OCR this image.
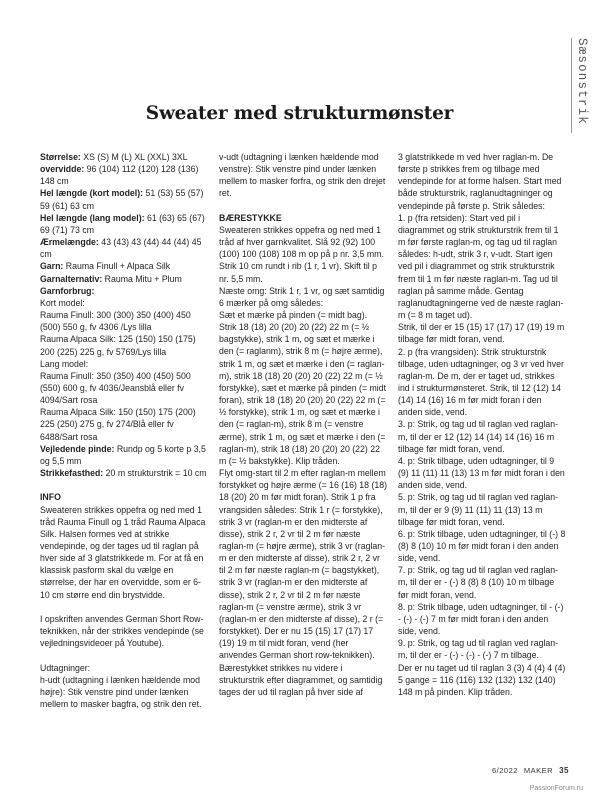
Sæsonstrik
Sweater med strukturmønster
Størrelse: XS (S) M (L) XL (XXL) 3XL
overvidde: 96 (104) 112 (120) 128 (136) 148 cm
Hel længde (kort model): 51 (53) 55 (57) 59 (61) 63 cm
Hel længde (lang model): 61 (63) 65 (67) 69 (71) 73 cm
Ærmelængde: 43 (43) 43 (44) 44 (44) 45 cm
Garn: Rauma Finull + Alpaca Silk
Garnalternativ: Rauma Mitu + Plum
Garnforbrug:
Kort model:
Rauma Finull: 300 (300) 350 (400) 450 (500) 550 g, fv 4306 /Lys lilla
Rauma Alpaca Silk: 125 (150) 150 (175) 200 (225) 225 g, fv 5769/Lys lilla
Lang model:
Rauma Finull: 350 (350) 400 (450) 500 (550) 600 g, fv 4036/Jeansblå eller fv 4094/Sart rosa
Rauma Alpaca Silk: 150 (150) 175 (200) 225 (250) 275 g, fv 274/Blå eller fv 6488/Sart rosa
Vejledende pinde: Rundp og 5 korte p 3,5 og 5,5 mm
Strikkefasthed: 20 m strukturstrik = 10 cm
INFO
Sweateren strikkes oppefra og ned med 1 tråd Rauma Finull og 1 tråd Rauma Alpaca Silk. Halsen formes ved at strikke vendepinde, og der tages ud til raglan på hver side af 3 glatstrikkede m. For at få en klassisk pasform skal du vælge en størrelse, der har en overvidde, som er 6-10 cm større end din brystvidde.
I opskriften anvendes German Short Row-teknikken, når der strikkes vendepinde (se vejledningsvideoer på Youtube).
Udtagninger:
h-udt (udtagning i lænken hældende mod højre): Stik venstre pind under lænken mellem to masker bagfra, og strik den ret.
v-udt (udtagning i lænken hældende mod venstre): Stik venstre pind under lænken mellem to masker forfra, og strik den drejet ret.
BÆRESTYKKE
Sweateren strikkes oppefra og ned med 1 tråd af hver garnkvalitet. Slå 92 (92) 100 (100) 100 (108) 108 m op på p nr. 3,5 mm.
Strik 10 cm rundt i rib (1 r, 1 vr). Skift til p nr. 5,5 mm.
Næste omg: Strik 1 r, 1 vr, og sæt samtidig 6 mærker på omg således:
Sæt et mærke på pinden (= midt bag). Strik 18 (18) 20 (20) 20 (22) 22 m (= ½ bagstykke), strik 1 m, og sæt et mærke i den (= raglanm), strik 8 m (= højre ærme), strik 1 m, og sæt et mærke i den (= raglan-m), strik 18 (18) 20 (20) 20 (22) 22 m (= ½ forstykke), sæt et mærke på pinden (= midt foran), strik 18 (18) 20 (20) 20 (22) 22 m (= ½ forstykke), strik 1 m, og sæt et mærke i den (= raglan-m), strik 8 m (= venstre ærme), strik 1 m, og sæt et mærke i den (= raglan-m), strik 18 (18) 20 (20) 20 (22) 22 m (= ½ bakstykke). Klip tråden.
Flyt omg-start til 2 m efter raglan-m mellem forstykket og højre ærme (= 16 (16) 18 (18) 18 (20) 20 m før midt foran). Strik 1 p fra vrangsiden således: Strik 1 r (= forstykke), strik 3 vr (raglan-m er den midterste af disse), strik 2 r, 2 vr til 2 m før næste raglan-m (= højre ærme), strik 3 vr (raglan-m er den midterste af disse), strik 2 r, 2 vr til 2 m før næste raglan-m (= bagstykket), strik 3 vr (raglan-m er den midterste af disse), strik 2 r, 2 vr til 2 m før næste raglan-m (= venstre ærme), strik 3 vr (raglan-m er den midterste af disse), 2 r (= forstykket). Der er nu 15 (15) 17 (17) 17 (19) 19 m til midt foran, vend (her anvendes German short row-teknikken). Bærestykket strikkes nu videre i strukturstrik efter diagrammet, og samtidig tages der ud til raglan på hver side af
3 glatstrikkede m ved hver raglan-m. De første p strikkes frem og tilbage med vendepinde for at forme halsen. Start med både strukturstrik, raglanudtagninger og vendepinde på første p. Strik således:
1. p (fra retsiden): Start ved pil i diagrammet og strik strukturstrik frem til 1 m før første raglan-m, og tag ud til raglan således: h-udt, strik 3 r, v-udt. Start igen ved pil i diagrammet og strik strukturstrik frem til 1 m før næste raglan-m. Tag ud til raglan på samme måde. Gentag raglanudtagningerne ved de næste raglan-m (= 8 m taget ud).
Strik, til der er 15 (15) 17 (17) 17 (19) 19 m tilbage før midt foran, vend.
2. p (fra vrangsiden): Strik strukturstrik tilbage, uden udtagninger, og 3 vr ved hver raglan-m. De m, der er taget ud, strikkes ind i strukturmønsteret. Strik, til 12 (12) 14 (14) 14 (16) 16 m før midt foran i den anden side, vend.
3. p: Strik, og tag ud til raglan ved raglan-m, til der er 12 (12) 14 (14) 14 (16) 16 m tilbage før midt foran, vend.
4. p: Strik tilbage, uden udtagninger, til 9 (9) 11 (11) 11 (13) 13 m før midt foran i den anden side, vend.
5. p: Strik, og tag ud til raglan ved raglan-m, til der er 9 (9) 11 (11) 11 (13) 13 m tilbage før midt foran, vend.
6. p: Strik tilbage, uden udtagninger, til (-) 8 (8) 8 (10) 10 m før midt foran i den anden side, vend.
7. p: Strik, og tag ud til raglan ved raglan-m, til der er - (-) 8 (8) 8 (10) 10 m tilbage før midt foran, vend.
8. p: Strik tilbage, uden udtagninger, til - (-) - (-) - (-) 7 m før midt foran i den anden side, vend.
9. p: Strik, og tag ud til raglan ved raglan-m, til der er - (-) - (-) - (-) 7 m tilbage.
Der er nu taget ud til raglan 3 (3) 4 (4) 4 (4) 5 gange = 116 (116) 132 (132) 132 (140) 148 m på pinden. Klip tråden.
6/2022 MAKER 35
PassionForum.ru
